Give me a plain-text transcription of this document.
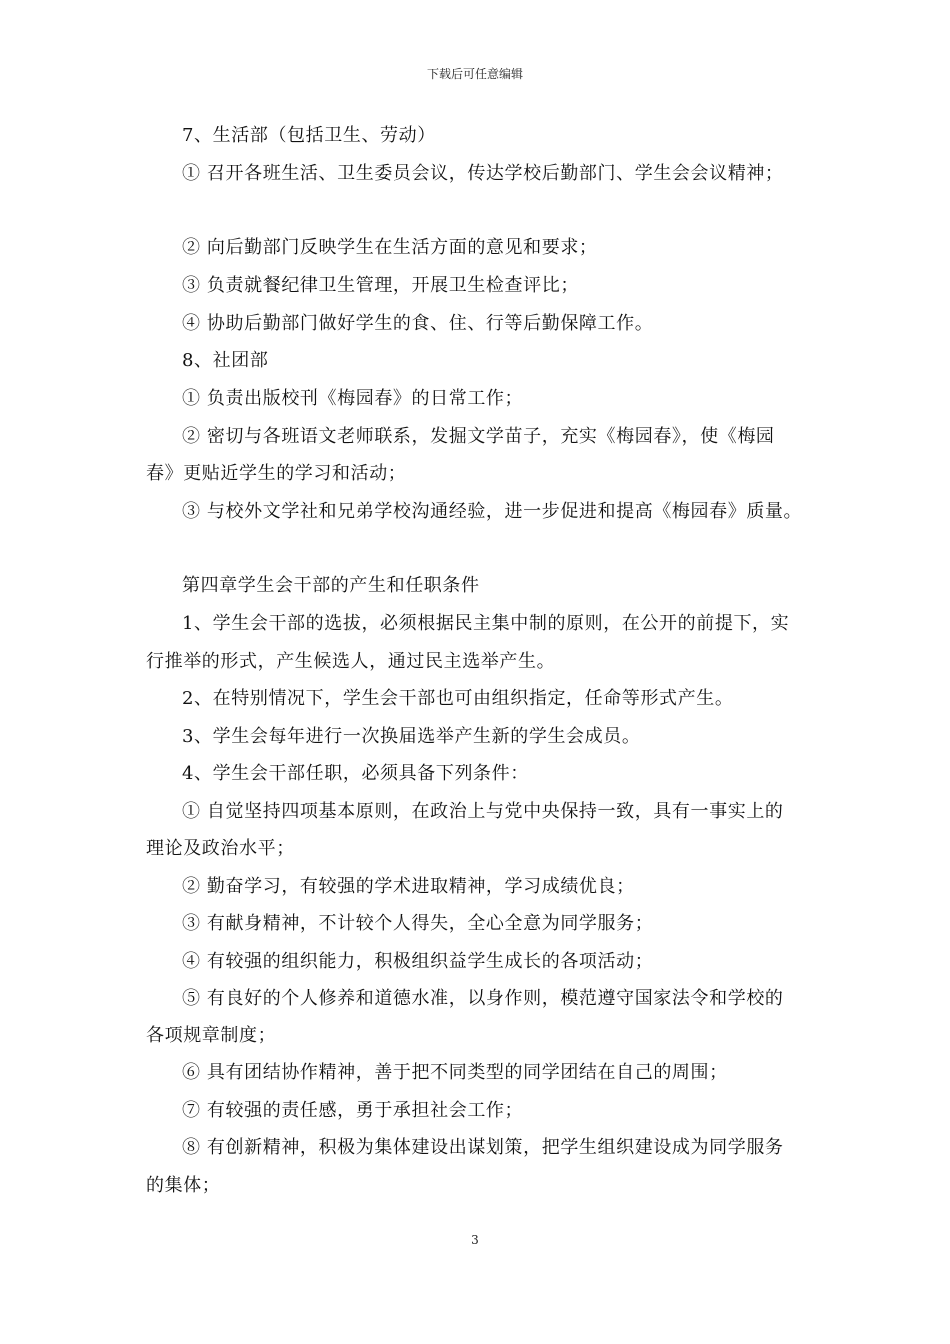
下载后可任意编辑
7、生活部（包括卫生、劳动）
① 召开各班生活、卫生委员会议，传达学校后勤部门、学生会会议精神；
② 向后勤部门反映学生在生活方面的意见和要求；
③ 负责就餐纪律卫生管理，开展卫生检查评比；
④ 协助后勤部门做好学生的食、住、行等后勤保障工作。
8、社团部
① 负责出版校刊《梅园春》的日常工作；
② 密切与各班语文老师联系，发掘文学苗子，充实《梅园春》，使《梅园
春》更贴近学生的学习和活动；
③ 与校外文学社和兄弟学校沟通经验，进一步促进和提高《梅园春》质量。
第四章学生会干部的产生和任职条件
1、学生会干部的选拔，必须根据民主集中制的原则，在公开的前提下，实
行推举的形式，产生候选人，通过民主选举产生。
2、在特别情况下，学生会干部也可由组织指定，任命等形式产生。
3、学生会每年进行一次换届选举产生新的学生会成员。
4、学生会干部任职，必须具备下列条件：
① 自觉坚持四项基本原则，在政治上与党中央保持一致，具有一事实上的
理论及政治水平；
② 勤奋学习，有较强的学术进取精神，学习成绩优良；
③ 有献身精神，不计较个人得失，全心全意为同学服务；
④ 有较强的组织能力，积极组织益学生成长的各项活动；
⑤ 有良好的个人修养和道德水准，以身作则，模范遵守国家法令和学校的
各项规章制度；
⑥ 具有团结协作精神，善于把不同类型的同学团结在自己的周围；
⑦ 有较强的责任感，勇于承担社会工作；
⑧ 有创新精神，积极为集体建设出谋划策，把学生组织建设成为同学服务
的集体；
3
